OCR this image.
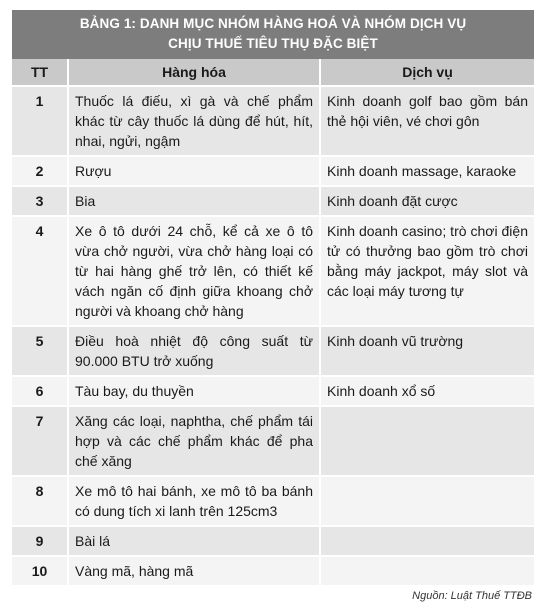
BẢNG 1: DANH MỤC NHÓM HÀNG HOÁ VÀ NHÓM DỊCH VỤ
CHỊU THUẾ TIÊU THỤ ĐẶC BIỆT
TT	Hàng hóa	Dịch vụ
1	Thuốc lá điếu, xì gà và chế phẩm khác từ cây thuốc lá dùng để hút, hít, nhai, ngửi, ngậm	Kinh doanh golf bao gồm bán thẻ hội viên, vé chơi gôn
2	Rượu	Kinh doanh massage, karaoke
3	Bia	Kinh doanh đặt cược
4	Xe ô tô dưới 24 chỗ, kể cả xe ô tô vừa chở người, vừa chở hàng loại có từ hai hàng ghế trở lên, có thiết kế vách ngăn cố định giữa khoang chở người và khoang chở hàng	Kinh doanh casino; trò chơi điện tử có thưởng bao gồm trò chơi bằng máy jackpot, máy slot và các loại máy tương tự
5	Điều hoà nhiệt độ công suất từ 90.000 BTU trở xuống	Kinh doanh vũ trường
6	Tàu bay, du thuyền	Kinh doanh xổ số
7	Xăng các loại, naphtha, chế phẩm tái hợp và các chế phẩm khác để pha chế xăng	
8	Xe mô tô hai bánh, xe mô tô ba bánh có dung tích xi lanh trên 125cm3	
9	Bài lá	
10	Vàng mã, hàng mã	
Nguồn: Luật Thuế TTĐB
